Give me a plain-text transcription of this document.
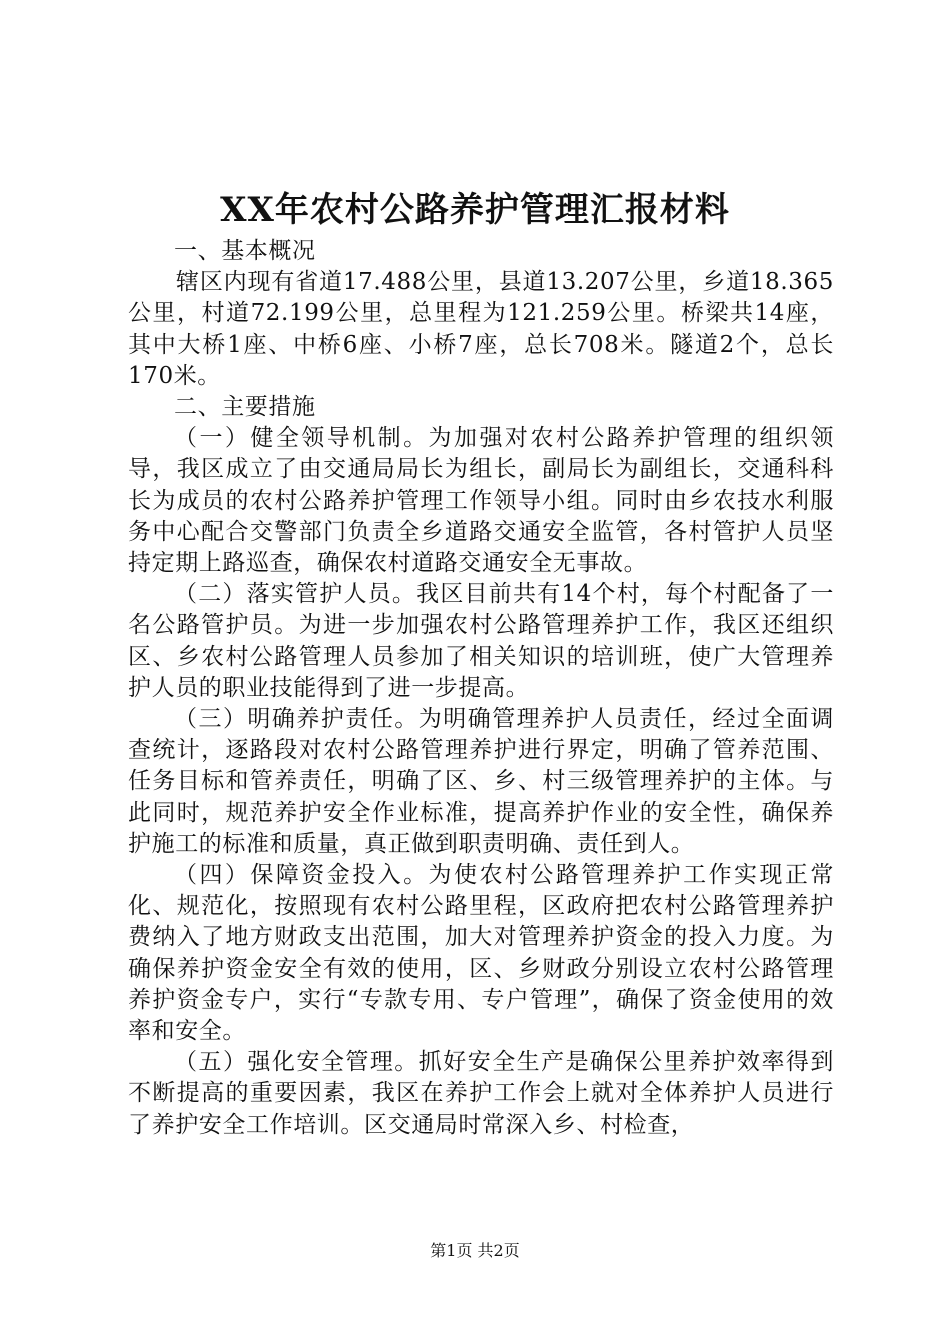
XX年农村公路养护管理汇报材料

一、基本概况

辖区内现有省道17.488公里，县道13.207公里，乡道18.365公里，村道72.199公里，总里程为121.259公里。桥梁共14座，其中大桥1座、中桥6座、小桥7座，总长708米。隧道2个，总长170米。

二、主要措施

（一）健全领导机制。为加强对农村公路养护管理的组织领导，我区成立了由交通局局长为组长，副局长为副组长，交通科科长为成员的农村公路养护管理工作领导小组。同时由乡农技水利服务中心配合交警部门负责全乡道路交通安全监管，各村管护人员坚持定期上路巡查，确保农村道路交通安全无事故。

（二）落实管护人员。我区目前共有14个村，每个村配备了一名公路管护员。为进一步加强农村公路管理养护工作，我区还组织区、乡农村公路管理人员参加了相关知识的培训班，使广大管理养护人员的职业技能得到了进一步提高。

（三）明确养护责任。为明确管理养护人员责任，经过全面调查统计，逐路段对农村公路管理养护进行界定，明确了管养范围、任务目标和管养责任，明确了区、乡、村三级管理养护的主体。与此同时，规范养护安全作业标准，提高养护作业的安全性，确保养护施工的标准和质量，真正做到职责明确、责任到人。

（四）保障资金投入。为使农村公路管理养护工作实现正常化、规范化，按照现有农村公路里程，区政府把农村公路管理养护费纳入了地方财政支出范围，加大对管理养护资金的投入力度。为确保养护资金安全有效的使用，区、乡财政分别设立农村公路管理养护资金专户，实行“专款专用、专户管理”，确保了资金使用的效率和安全。

（五）强化安全管理。抓好安全生产是确保公里养护效率得到不断提高的重要因素，我区在养护工作会上就对全体养护人员进行了养护安全工作培训。区交通局时常深入乡、村检查，

第1页 共2页
